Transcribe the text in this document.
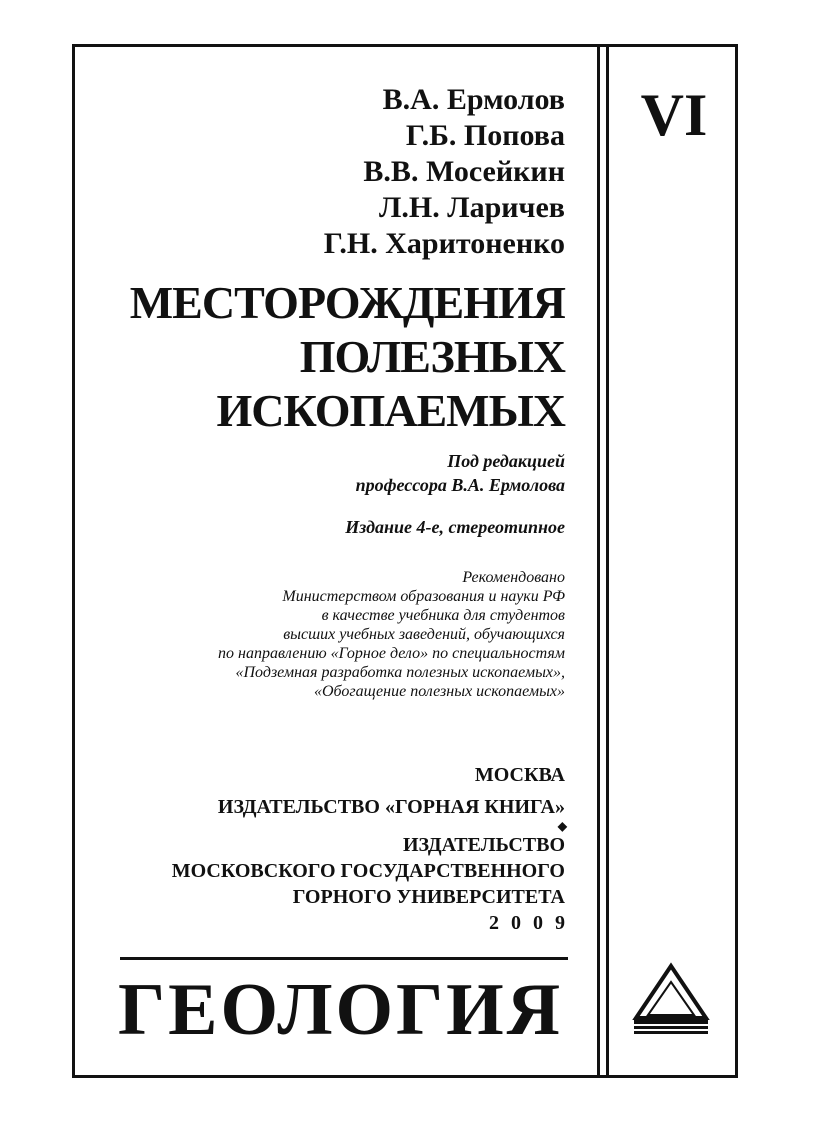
VI
В.А. Ермолов
Г.Б. Попова
В.В. Мосейкин
Л.Н. Ларичев
Г.Н. Харитоненко
МЕСТОРОЖДЕНИЯ
ПОЛЕЗНЫХ
ИСКОПАЕМЫХ
Под редакцией
профессора В.А. Ермолова
Издание 4-е, стереотипное
Рекомендовано
Министерством образования и науки РФ
в качестве учебника для студентов
высших учебных заведений, обучающихся
по направлению «Горное дело» по специальностям
«Подземная разработка полезных ископаемых»,
«Обогащение полезных ископаемых»
МОСКВА
ИЗДАТЕЛЬСТВО «ГОРНАЯ КНИГА»
◆
ИЗДАТЕЛЬСТВО
МОСКОВСКОГО ГОСУДАРСТВЕННОГО
ГОРНОГО УНИВЕРСИТЕТА
2009
ГЕОЛОГИЯ
